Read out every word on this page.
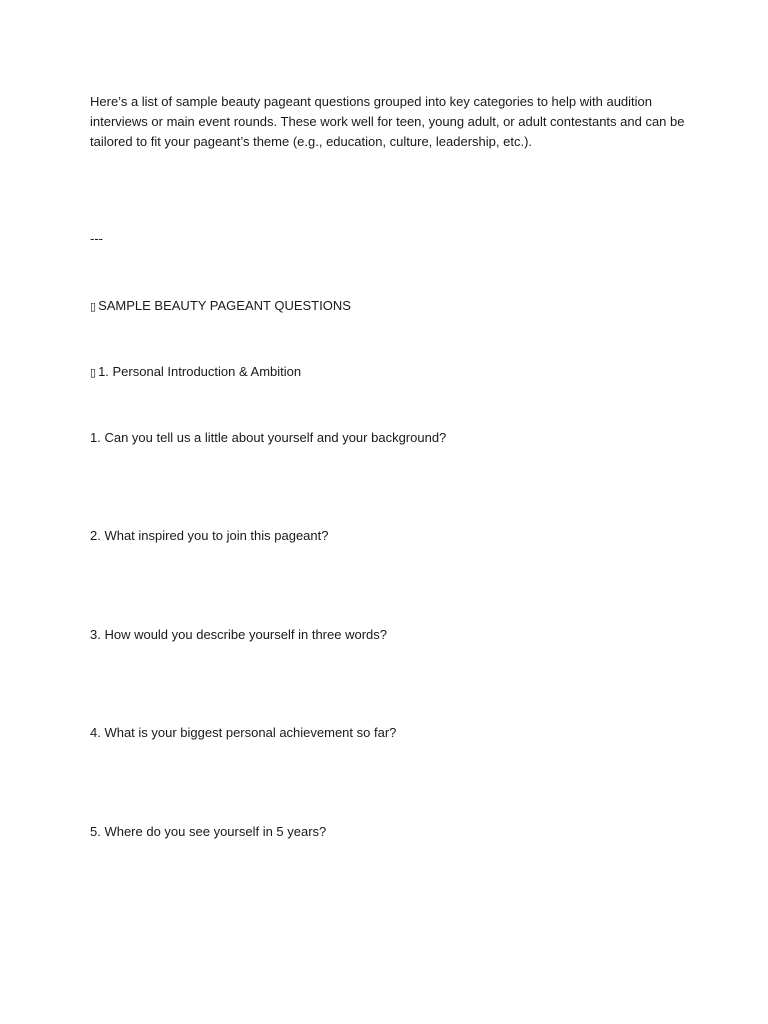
Here’s a list of sample beauty pageant questions grouped into key categories to help with audition
interviews or main event rounds. These work well for teen, young adult, or adult contestants and can be
tailored to fit your pageant’s theme (e.g., education, culture, leadership, etc.).

---

▯ SAMPLE BEAUTY PAGEANT QUESTIONS

▯ 1. Personal Introduction & Ambition

1. Can you tell us a little about yourself and your background?

2. What inspired you to join this pageant?

3. How would you describe yourself in three words?

4. What is your biggest personal achievement so far?

5. Where do you see yourself in 5 years?
